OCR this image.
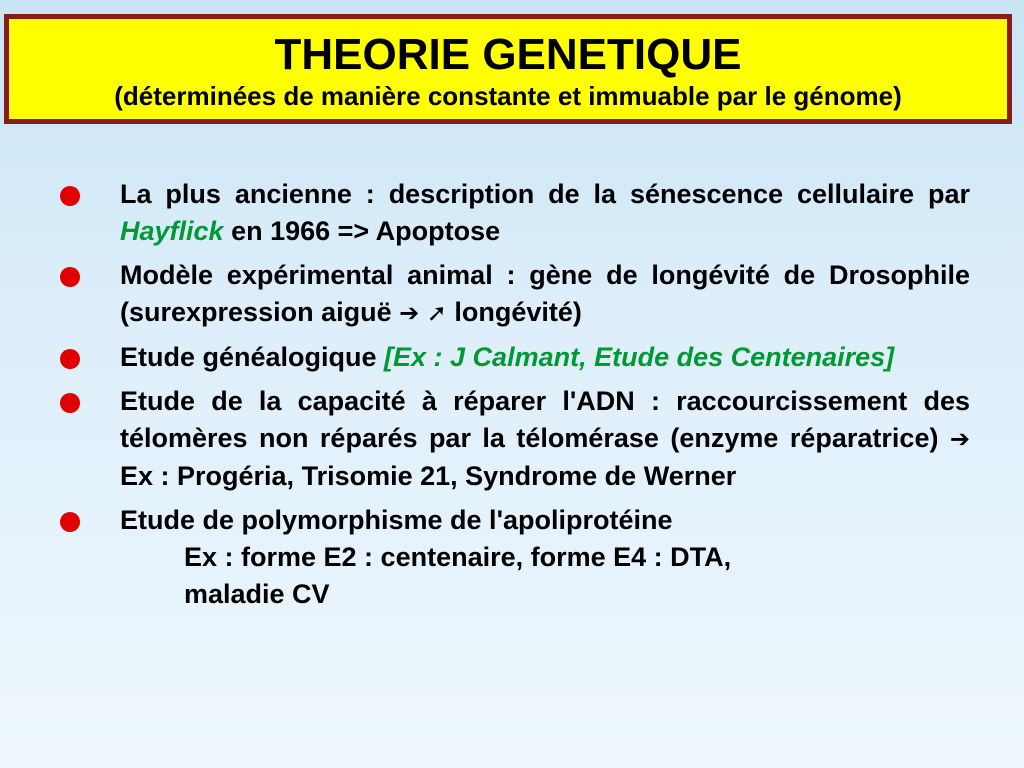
THEORIE GENETIQUE
(déterminées de manière constante et immuable par le génome)
La plus ancienne : description de la sénescence cellulaire par Hayflick en 1966 => Apoptose
Modèle expérimental animal : gène de longévité de Drosophile (surexpression aiguë ➔ ➚ longévité)
Etude généalogique [Ex : J Calmant, Etude des Centenaires]
Etude de la capacité à réparer l'ADN : raccourcissement des télomères non réparés par la télomérase (enzyme réparatrice) ➔ Ex : Progéria, Trisomie 21, Syndrome de Werner
Etude de polymorphisme de l'apoliprotéine
Ex : forme E2 : centenaire, forme E4 : DTA,
maladie CV
